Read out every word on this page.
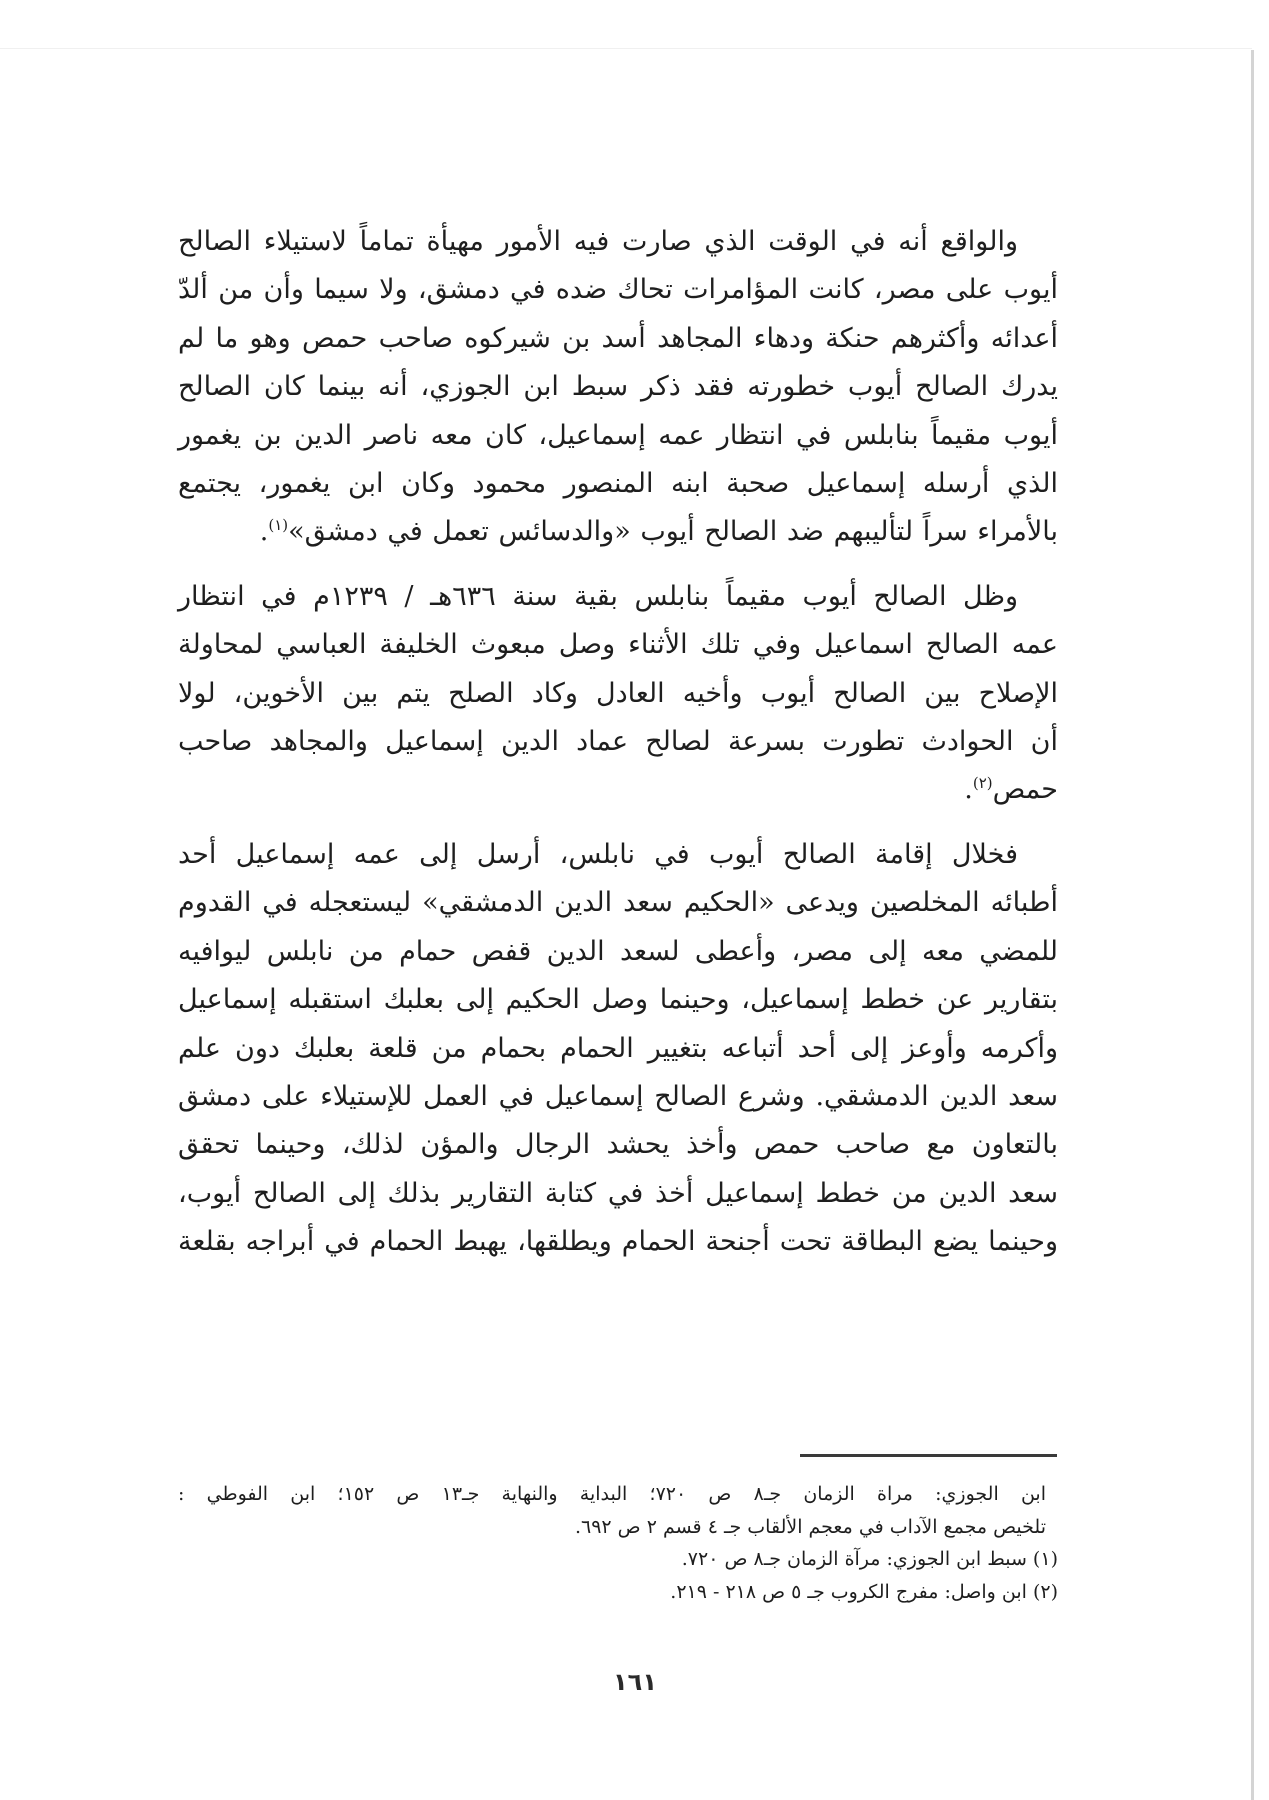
والواقع أنه في الوقت الذي صارت فيه الأمور مهيأة تماماً لاستيلاء الصالح
أيوب على مصر، كانت المؤامرات تحاك ضده في دمشق، ولا سيما وأن من ألدّ
أعدائه وأكثرهم حنكة ودهاء المجاهد أسد بن شيركوه صاحب حمص وهو ما لم
يدرك الصالح أيوب خطورته فقد ذكر سبط ابن الجوزي، أنه بينما كان الصالح
أيوب مقيماً بنابلس في انتظار عمه إسماعيل، كان معه ناصر الدين بن يغمور
الذي أرسله إسماعيل صحبة ابنه المنصور محمود وكان ابن يغمور، يجتمع
بالأمراء سراً لتأليبهم ضد الصالح أيوب «والدسائس تعمل في دمشق»$^{(١)}$.

وظل الصالح أيوب مقيماً بنابلس بقية سنة ٦٣٦هـ / ١٢٣٩م في انتظار
عمه الصالح اسماعيل وفي تلك الأثناء وصل مبعوث الخليفة العباسي لمحاولة
الإصلاح بين الصالح أيوب وأخيه العادل وكاد الصلح يتم بين الأخوين، لولا
أن الحوادث تطورت بسرعة لصالح عماد الدين إسماعيل والمجاهد صاحب
حمص$^{(٢)}$.

فخلال إقامة الصالح أيوب في نابلس، أرسل إلى عمه إسماعيل أحد
أطبائه المخلصين ويدعى «الحكيم سعد الدين الدمشقي» ليستعجله في القدوم
للمضي معه إلى مصر، وأعطى لسعد الدين قفص حمام من نابلس ليوافيه
بتقارير عن خطط إسماعيل، وحينما وصل الحكيم إلى بعلبك استقبله إسماعيل
وأكرمه وأوعز إلى أحد أتباعه بتغيير الحمام بحمام من قلعة بعلبك دون علم
سعد الدين الدمشقي. وشرع الصالح إسماعيل في العمل للإستيلاء على دمشق
بالتعاون مع صاحب حمص وأخذ يحشد الرجال والمؤن لذلك، وحينما تحقق
سعد الدين من خطط إسماعيل أخذ في كتابة التقارير بذلك إلى الصالح أيوب،
وحينما يضع البطاقة تحت أجنحة الحمام ويطلقها، يهبط الحمام في أبراجه بقلعة

ابن الجوزي: مراة الزمان جـ٨ ص ٧٢٠؛ البداية والنهاية جـ١٣ ص ١٥٢؛ ابن الفوطي :
تلخيص مجمع الآداب في معجم الألقاب جـ ٤ قسم ٢ ص ٦٩٢.
(١) سبط ابن الجوزي: مرآة الزمان جـ٨ ص ٧٢٠.
(٢) ابن واصل: مفرج الكروب جـ ٥ ص ٢١٨ - ٢١٩.
١٦١
